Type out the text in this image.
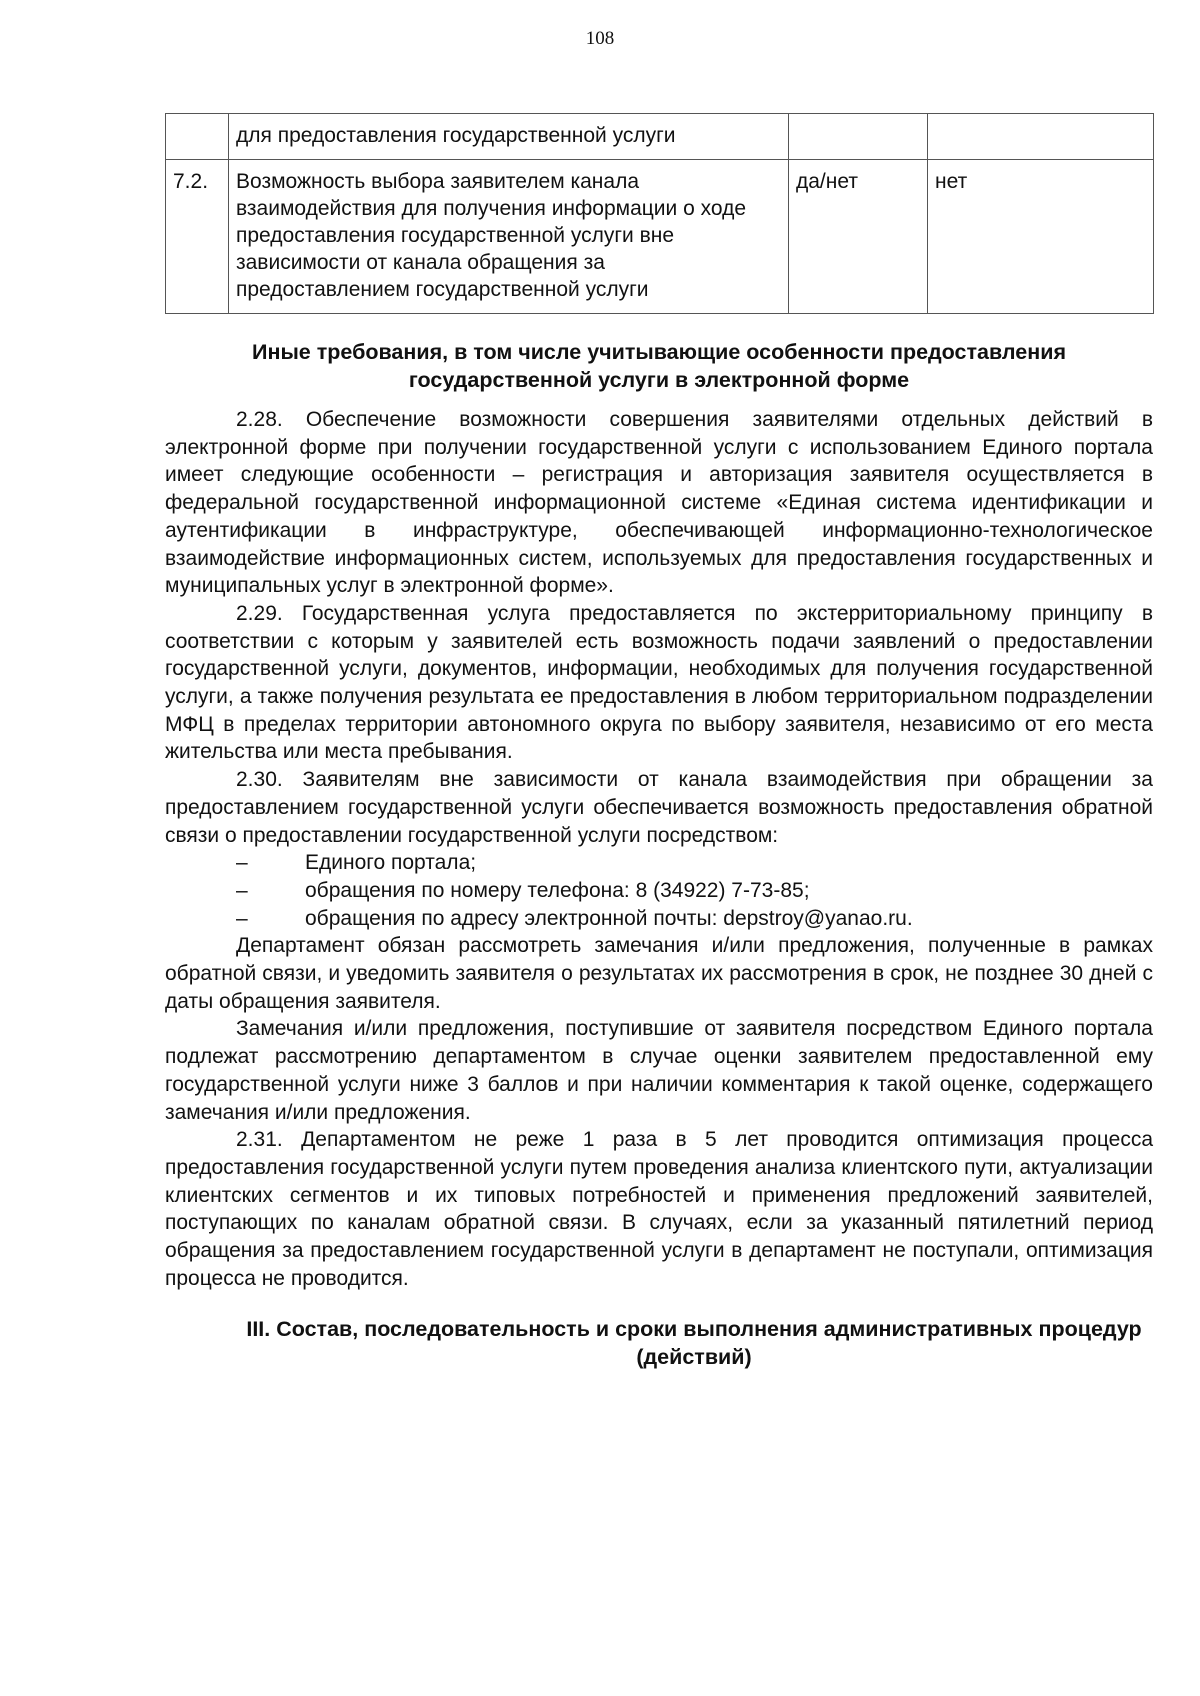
108
	для предоставления государственной услуги		
7.2.	Возможность выбора заявителем канала взаимодействия для получения информации о ходе предоставления государственной услуги вне зависимости от канала обращения за предоставлением государственной услуги	да/нет	нет
Иные требования, в том числе учитывающие особенности предоставления государственной услуги в электронной форме

2.28. Обеспечение возможности совершения заявителями отдельных действий в электронной форме при получении государственной услуги с использованием Единого портала имеет следующие особенности – регистрация и авторизация заявителя осуществляется в федеральной государственной информационной системе «Единая система идентификации и аутентификации в инфраструктуре, обеспечивающей информационно-технологическое взаимодействие информационных систем, используемых для предоставления государственных и муниципальных услуг в электронной форме».

2.29. Государственная услуга предоставляется по экстерриториальному принципу в соответствии с которым у заявителей есть возможность подачи заявлений о предоставлении государственной услуги, документов, информации, необходимых для получения государственной услуги, а также получения результата ее предоставления в любом территориальном подразделении МФЦ в пределах территории автономного округа по выбору заявителя, независимо от его места жительства или места пребывания.

2.30. Заявителям вне зависимости от канала взаимодействия при обращении за предоставлением государственной услуги обеспечивается возможность предоставления обратной связи о предоставлении государственной услуги посредством:

–	Единого портала;
–	обращения по номеру телефона: 8 (34922) 7-73-85;
–	обращения по адресу электронной почты: depstroy@yanao.ru.

Департамент обязан рассмотреть замечания и/или предложения, полученные в рамках обратной связи, и уведомить заявителя о результатах их рассмотрения в срок, не позднее 30 дней с даты обращения заявителя.

Замечания и/или предложения, поступившие от заявителя посредством Единого портала подлежат рассмотрению департаментом в случае оценки заявителем предоставленной ему государственной услуги ниже 3 баллов и при наличии комментария к такой оценке, содержащего замечания и/или предложения.

2.31. Департаментом не реже 1 раза в 5 лет проводится оптимизация процесса предоставления государственной услуги путем проведения анализа клиентского пути, актуализации клиентских сегментов и их типовых потребностей и применения предложений заявителей, поступающих по каналам обратной связи. В случаях, если за указанный пятилетний период обращения за предоставлением государственной услуги в департамент не поступали, оптимизация процесса не проводится.

III. Состав, последовательность и сроки выполнения административных процедур (действий)
